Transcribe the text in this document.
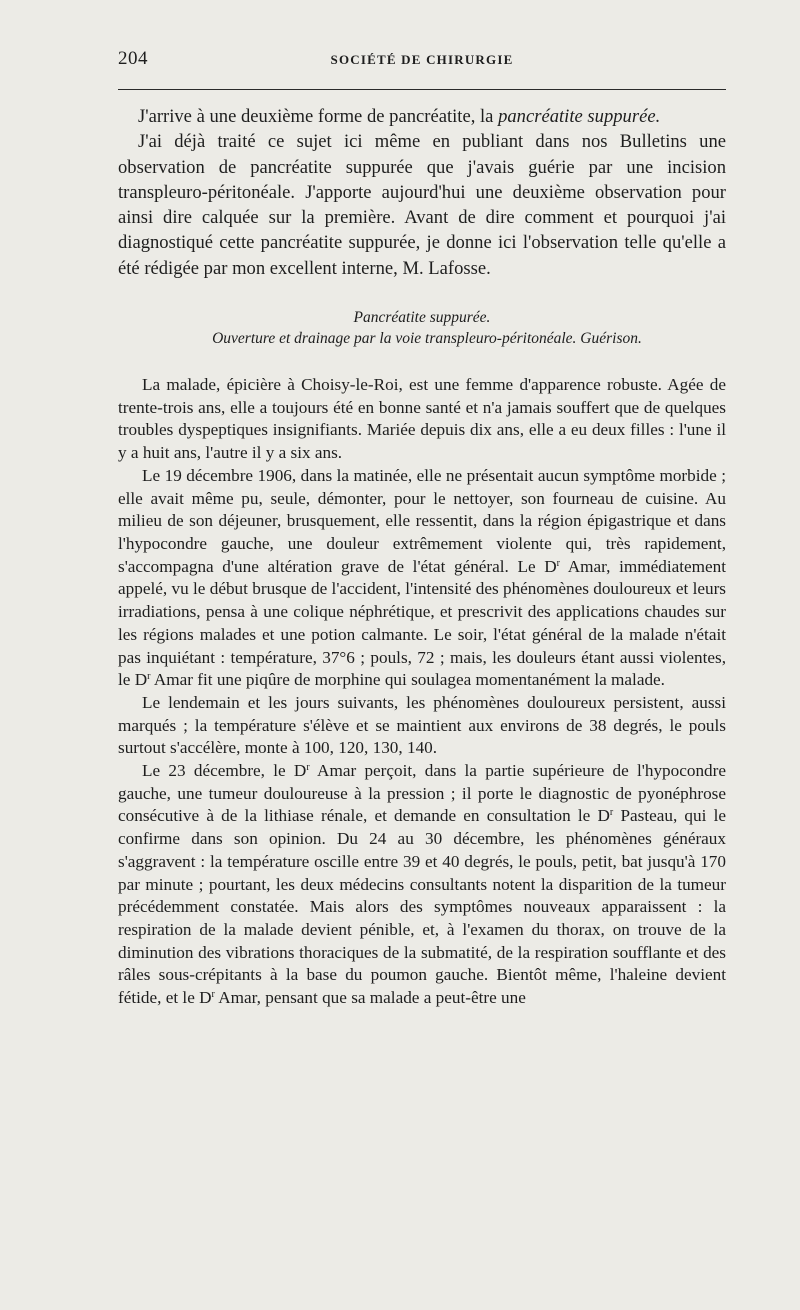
204	SOCIÉTÉ DE CHIRURGIE

J'arrive à une deuxième forme de pancréatite, la pancréatite suppurée.

J'ai déjà traité ce sujet ici même en publiant dans nos Bulletins une observation de pancréatite suppurée que j'avais guérie par une incision transpleuro-péritonéale. J'apporte aujourd'hui une deuxième observation pour ainsi dire calquée sur la première. Avant de dire comment et pourquoi j'ai diagnostiqué cette pancréatite suppurée, je donne ici l'observation telle qu'elle a été rédigée par mon excellent interne, M. Lafosse.

Pancréatite suppurée.
Ouverture et drainage par la voie transpleuro-péritonéale. Guérison.

La malade, épicière à Choisy-le-Roi, est une femme d'apparence robuste. Agée de trente-trois ans, elle a toujours été en bonne santé et n'a jamais souffert que de quelques troubles dyspeptiques insignifiants. Mariée depuis dix ans, elle a eu deux filles : l'une il y a huit ans, l'autre il y a six ans.

Le 19 décembre 1906, dans la matinée, elle ne présentait aucun symptôme morbide ; elle avait même pu, seule, démonter, pour le nettoyer, son fourneau de cuisine. Au milieu de son déjeuner, brusquement, elle ressentit, dans la région épigastrique et dans l'hypocondre gauche, une douleur extrêmement violente qui, très rapidement, s'accompagna d'une altération grave de l'état général. Le $D^r$ Amar, immédiatement appelé, vu le début brusque de l'accident, l'intensité des phénomènes douloureux et leurs irradiations, pensa à une colique néphrétique, et prescrivit des applications chaudes sur les régions malades et une potion calmante. Le soir, l'état général de la malade n'était pas inquiétant : température, 37°6 ; pouls, 72 ; mais, les douleurs étant aussi violentes, le $D^r$ Amar fit une piqûre de morphine qui soulagea momentanément la malade.

Le lendemain et les jours suivants, les phénomènes douloureux persistent, aussi marqués ; la température s'élève et se maintient aux environs de 38 degrés, le pouls surtout s'accélère, monte à 100, 120, 130, 140.

Le 23 décembre, le $D^r$ Amar perçoit, dans la partie supérieure de l'hypocondre gauche, une tumeur douloureuse à la pression ; il porte le diagnostic de pyonéphrose consécutive à de la lithiase rénale, et demande en consultation le $D^r$ Pasteau, qui le confirme dans son opinion. Du 24 au 30 décembre, les phénomènes généraux s'aggravent : la température oscille entre 39 et 40 degrés, le pouls, petit, bat jusqu'à 170 par minute ; pourtant, les deux médecins consultants notent la disparition de la tumeur précédemment constatée. Mais alors des symptômes nouveaux apparaissent : la respiration de la malade devient pénible, et, à l'examen du thorax, on trouve de la diminution des vibrations thoraciques de la submatité, de la respiration soufflante et des râles sous-crépitants à la base du poumon gauche. Bientôt même, l'haleine devient fétide, et le $D^r$ Amar, pensant que sa malade a peut-être une
